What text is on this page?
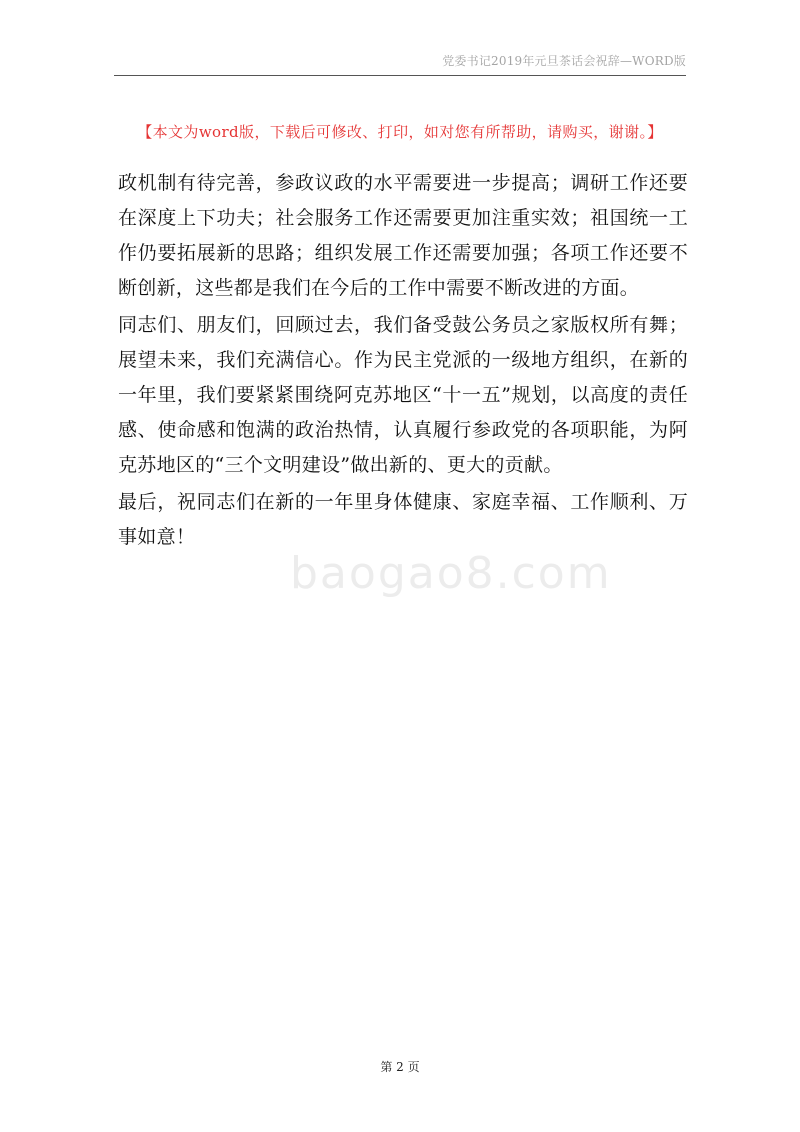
党委书记2019年元旦茶话会祝辞—WORD版
【本文为word版，下载后可修改、打印，如对您有所帮助，请购买，谢谢。】
baogao8.com

政机制有待完善，参政议政的水平需要进一步提高；调研工作还要在深度上下功夫；社会服务工作还需要更加注重实效；祖国统一工作仍要拓展新的思路；组织发展工作还需要加强；各项工作还要不断创新，这些都是我们在今后的工作中需要不断改进的方面。

同志们、朋友们，回顾过去，我们备受鼓公务员之家版权所有舞；展望未来，我们充满信心。作为民主党派的一级地方组织，在新的一年里，我们要紧紧围绕阿克苏地区“十一五”规划，以高度的责任感、使命感和饱满的政治热情，认真履行参政党的各项职能，为阿克苏地区的“三个文明建设”做出新的、更大的贡献。

最后，祝同志们在新的一年里身体健康、家庭幸福、工作顺利、万事如意！

第 2 页
